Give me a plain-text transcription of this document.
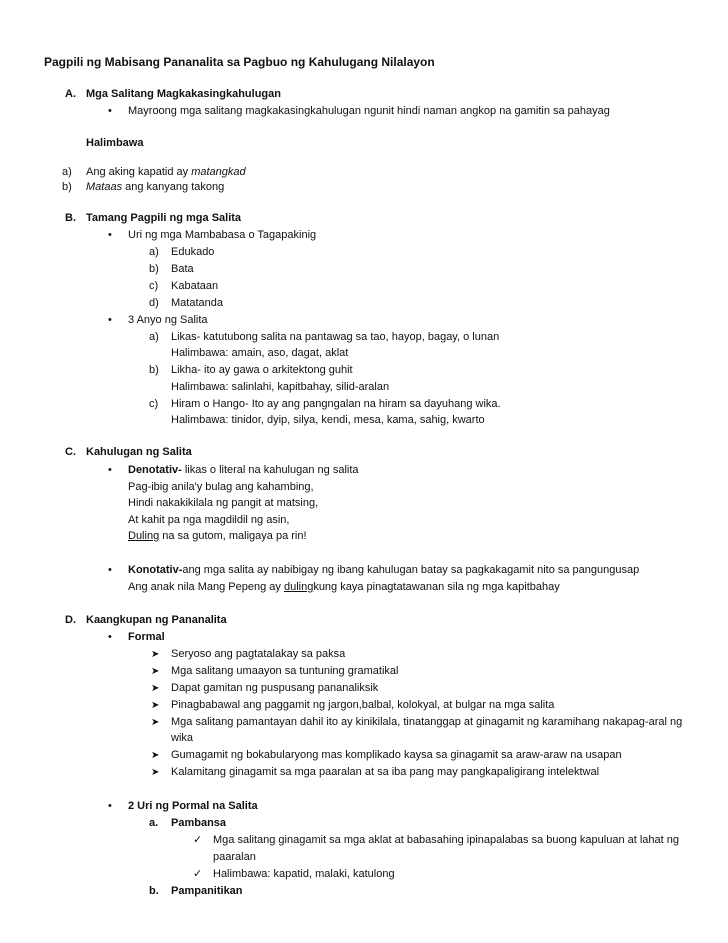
Pagpili ng Mabisang Pananalita sa Pagbuo ng Kahulugang Nilalayon
A. Mga Salitang Magkakasingkahulugan
•
Mayroong mga salitang magkakasingkahulugan ngunit hindi naman angkop na gamitin sa pahayag
Halimbawa
a) Ang aking kapatid ay matangkad
b) Mataas ang kanyang takong
B. Tamang Pagpili ng mga Salita
•
Uri ng mga Mambabasa o Tagapakinig
a) Edukado
b) Bata
c) Kabataan
d) Matatanda
•
3 Anyo ng Salita
a) Likas- katutubong salita na pantawag sa tao, hayop, bagay, o lunan
Halimbawa: amain, aso, dagat, aklat
b) Likha- ito ay gawa o arkitektong guhit
Halimbawa: salinlahi, kapitbahay, silid-aralan
c) Hiram o Hango- Ito ay ang pangngalan na hiram sa dayuhang wika.
Halimbawa: tinidor, dyip, silya, kendi, mesa, kama, sahig, kwarto
C. Kahulugan ng Salita
•
Denotativ- likas o literal na kahulugan ng salita
Pag-ibig anila'y bulag ang kahambing,
Hindi nakakikilala ng pangit at matsing,
At kahit pa nga magdildil ng asin,
Duling na sa gutom, maligaya pa rin!
•
Konotativ-ang mga salita ay nabibigay ng ibang kahulugan batay sa pagkakagamit nito sa pangungusap
Ang anak nila Mang Pepeng ay dulingkung kaya pinagtatawanan sila ng mga kapitbahay
D. Kaangkupan ng Pananalita
•
Formal
➤ Seryoso ang pagtatalakay sa paksa
➤ Mga salitang umaayon sa tuntuning gramatikal
➤ Dapat gamitan ng puspusang pananaliksik
➤ Pinagbabawal ang paggamit ng jargon,balbal, kolokyal, at bulgar na mga salita
➤ Mga salitang pamantayan dahil ito ay kinikilala, tinatanggap at ginagamit ng karamihang nakapag-aral ng
wika
➤ Gumagamit ng bokabularyong mas komplikado kaysa sa ginagamit sa araw-araw na usapan
➤ Kalamitang ginagamit sa mga paaralan at sa iba pang may pangkapaligirang intelektwal
•
2 Uri ng Pormal na Salita
a. Pambansa
✓ Mga salitang ginagamit sa mga aklat at babasahing ipinapalabas sa buong kapuluan at lahat ng
paaralan
✓ Halimbawa: kapatid, malaki, katulong
b. Pampanitikan
